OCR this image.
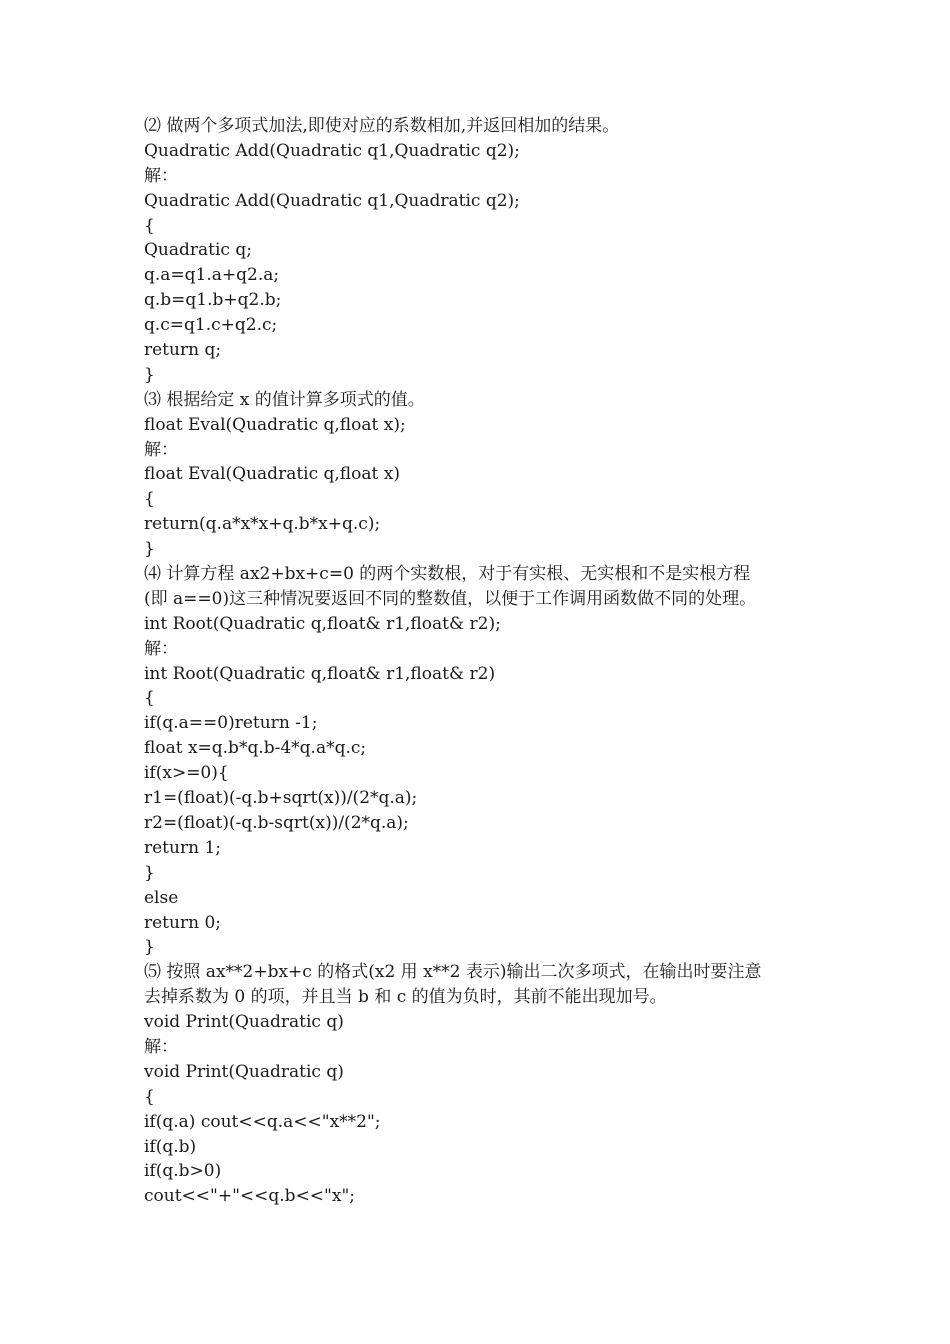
⑵ 做两个多项式加法,即使对应的系数相加,并返回相加的结果。
Quadratic Add(Quadratic q1,Quadratic q2);
解：
Quadratic Add(Quadratic q1,Quadratic q2);
{
Quadratic q;
q.a=q1.a+q2.a;
q.b=q1.b+q2.b;
q.c=q1.c+q2.c;
return q;
}
⑶ 根据给定 x 的值计算多项式的值。
float Eval(Quadratic q,float x);
解：
float Eval(Quadratic q,float x)
{
return(q.a*x*x+q.b*x+q.c);
}
⑷ 计算方程 ax2+bx+c=0 的两个实数根，对于有实根、无实根和不是实根方程
(即 a==0)这三种情况要返回不同的整数值，以便于工作调用函数做不同的处理。
int Root(Quadratic q,float& r1,float& r2);
解：
int Root(Quadratic q,float& r1,float& r2)
{
if(q.a==0)return -1;
float x=q.b*q.b-4*q.a*q.c;
if(x>=0){
r1=(float)(-q.b+sqrt(x))/(2*q.a);
r2=(float)(-q.b-sqrt(x))/(2*q.a);
return 1;
}
else
return 0;
}
⑸ 按照 ax**2+bx+c 的格式(x2 用 x**2 表示)输出二次多项式，在输出时要注意
去掉系数为 0 的项，并且当 b 和 c 的值为负时，其前不能出现加号。
void Print(Quadratic q)
解：
void Print(Quadratic q)
{
if(q.a) cout<<q.a<<"x**2";
if(q.b)
if(q.b>0)
cout<<"+"<<q.b<<"x";
